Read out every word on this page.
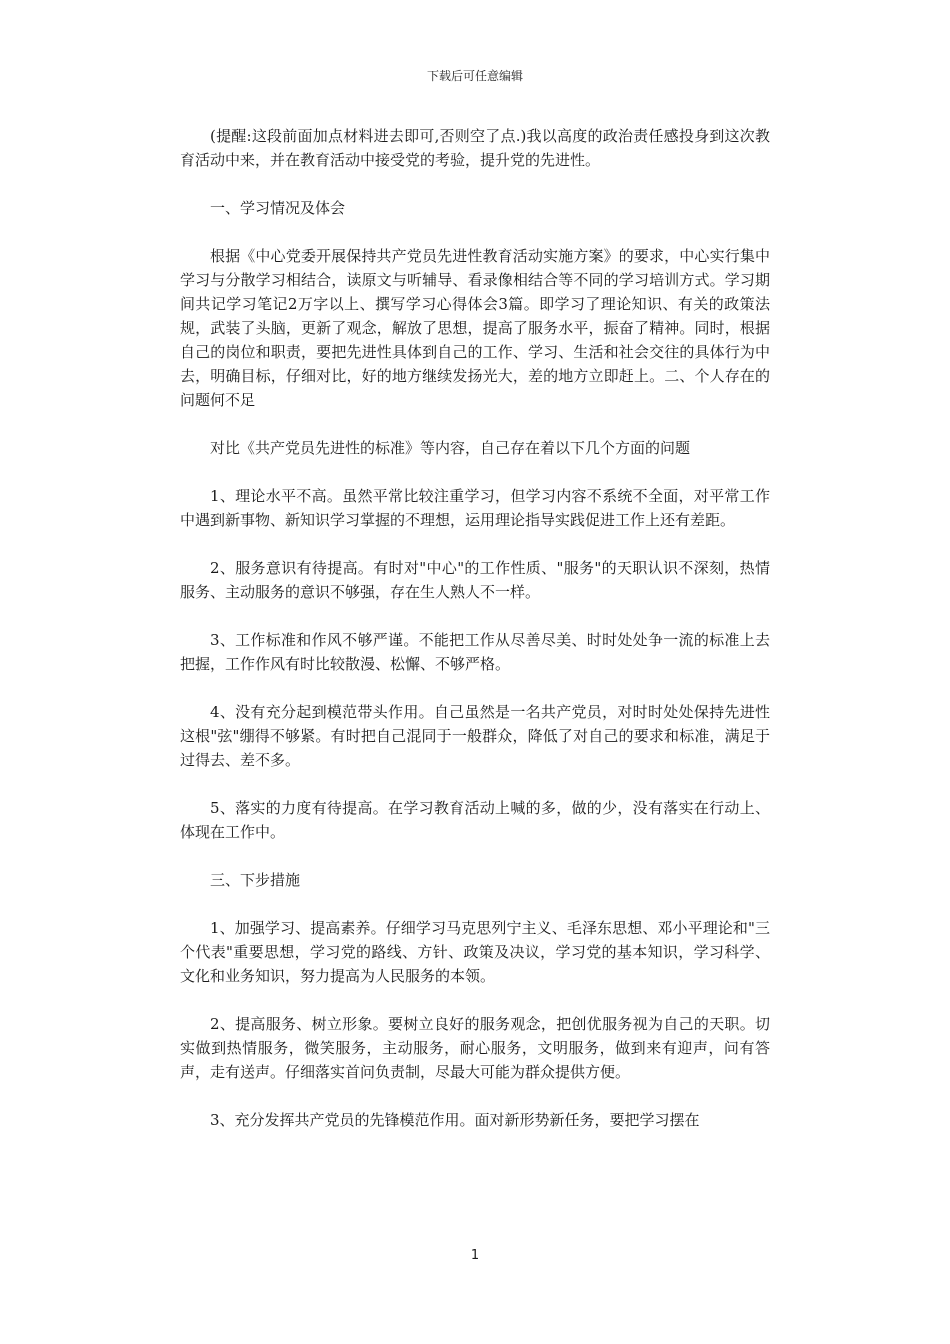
下载后可任意编辑

(提醒:这段前面加点材料进去即可,否则空了点.)我以高度的政治责任感投身到这次教育活动中来，并在教育活动中接受党的考验，提升党的先进性。

一、学习情况及体会

根据《中心党委开展保持共产党员先进性教育活动实施方案》的要求，中心实行集中学习与分散学习相结合，读原文与听辅导、看录像相结合等不同的学习培训方式。学习期间共记学习笔记2万字以上、撰写学习心得体会3篇。即学习了理论知识、有关的政策法规，武装了头脑，更新了观念，解放了思想，提高了服务水平，振奋了精神。同时，根据自己的岗位和职责，要把先进性具体到自己的工作、学习、生活和社会交往的具体行为中去，明确目标，仔细对比，好的地方继续发扬光大，差的地方立即赶上。二、个人存在的问题何不足

对比《共产党员先进性的标准》等内容，自己存在着以下几个方面的问题

1、理论水平不高。虽然平常比较注重学习，但学习内容不系统不全面，对平常工作中遇到新事物、新知识学习掌握的不理想，运用理论指导实践促进工作上还有差距。

2、服务意识有待提高。有时对"中心"的工作性质、"服务"的天职认识不深刻，热情服务、主动服务的意识不够强，存在生人熟人不一样。

3、工作标准和作风不够严谨。不能把工作从尽善尽美、时时处处争一流的标准上去把握，工作作风有时比较散漫、松懈、不够严格。

4、没有充分起到模范带头作用。自己虽然是一名共产党员，对时时处处保持先进性这根"弦"绷得不够紧。有时把自己混同于一般群众，降低了对自己的要求和标准，满足于过得去、差不多。

5、落实的力度有待提高。在学习教育活动上喊的多，做的少，没有落实在行动上、体现在工作中。

三、下步措施

1、加强学习、提高素养。仔细学习马克思列宁主义、毛泽东思想、邓小平理论和"三个代表"重要思想，学习党的路线、方针、政策及决议，学习党的基本知识，学习科学、文化和业务知识，努力提高为人民服务的本领。

2、提高服务、树立形象。要树立良好的服务观念，把创优服务视为自己的天职。切实做到热情服务，微笑服务，主动服务，耐心服务，文明服务，做到来有迎声，问有答声，走有送声。仔细落实首问负责制，尽最大可能为群众提供方便。

3、充分发挥共产党员的先锋模范作用。面对新形势新任务，要把学习摆在

1
